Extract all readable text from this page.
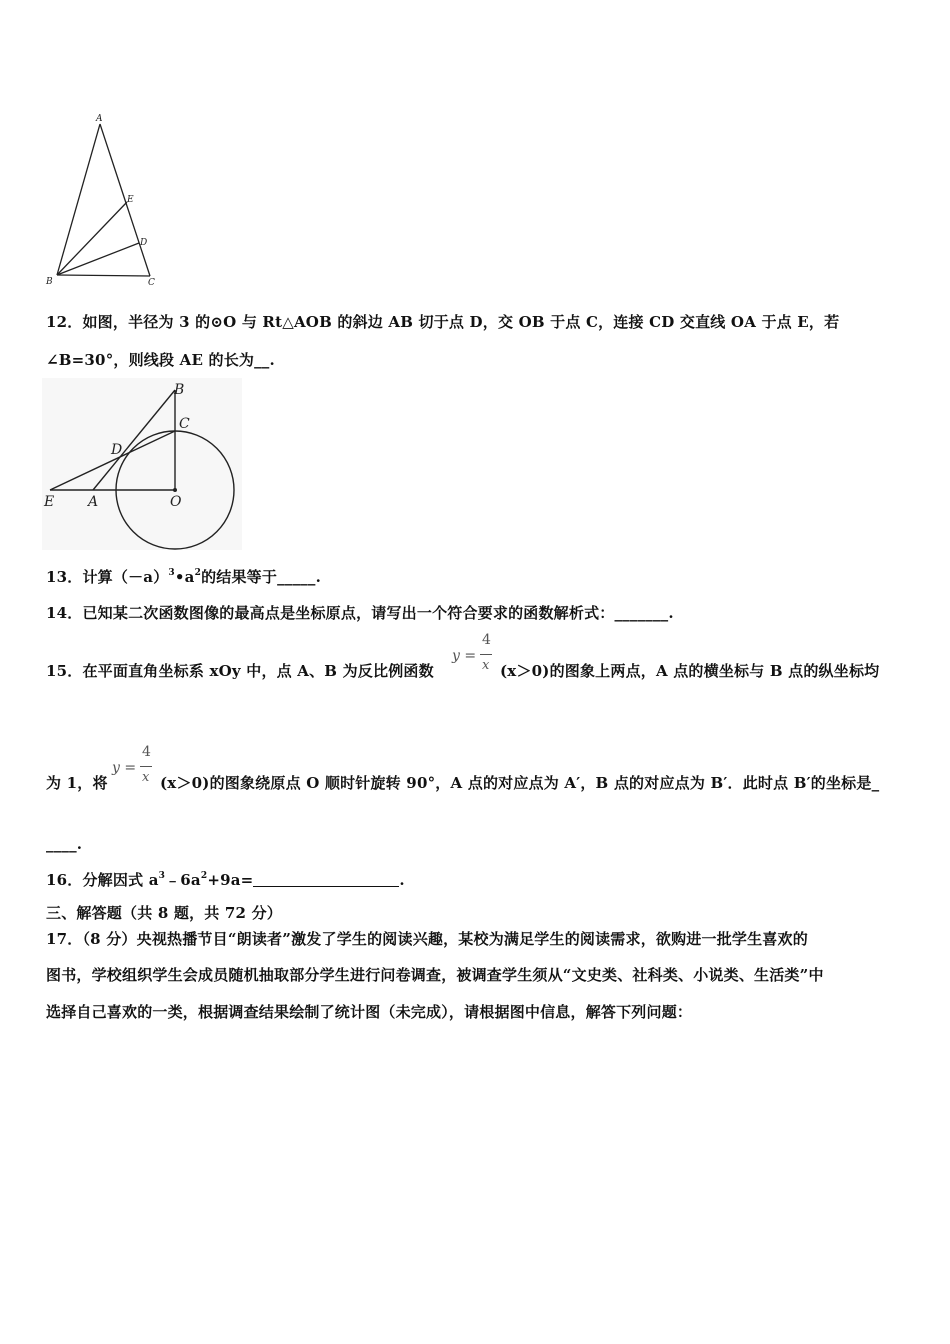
A
E
D
B	C
12．如图，半径为 3 的⊙O 与 Rt△AOB 的斜边 AB 切于点 D，交 OB 于点 C，连接 CD 交直线 OA 于点 E，若
∠B=30°，则线段 AE 的长为__.
B
C
D
E A	O
13．计算$(-a)^3•a^2$的结果等于_____.
14．已知某二次函数图像的最高点是坐标原点，请写出一个符合要求的函数解析式：_______.
15．在平面直角坐标系 xOy 中，点 A、B 为反比例函数
y =
4
x (x＞0)的图象上两点，A 点的横坐标与 B 点的纵坐标均
为 1，将
y =
4
x (x＞0)的图象绕原点 O 顺时针旋转 90°，A 点的对应点为 A′，B 点的对应点为 B′．此时点 B′的坐标是_
____.
16．分解因式 $a^3﹣6a^2+9a=$	.
三、解答题（共 8 题，共 72 分）
17．（8 分）央视热播节目“朗读者”激发了学生的阅读兴趣，某校为满足学生的阅读需求，欲购进一批学生喜欢的
图书，学校组织学生会成员随机抽取部分学生进行问卷调查，被调查学生须从“文史类、社科类、小说类、生活类”中
选择自己喜欢的一类，根据调查结果绘制了统计图（未完成），请根据图中信息，解答下列问题：
